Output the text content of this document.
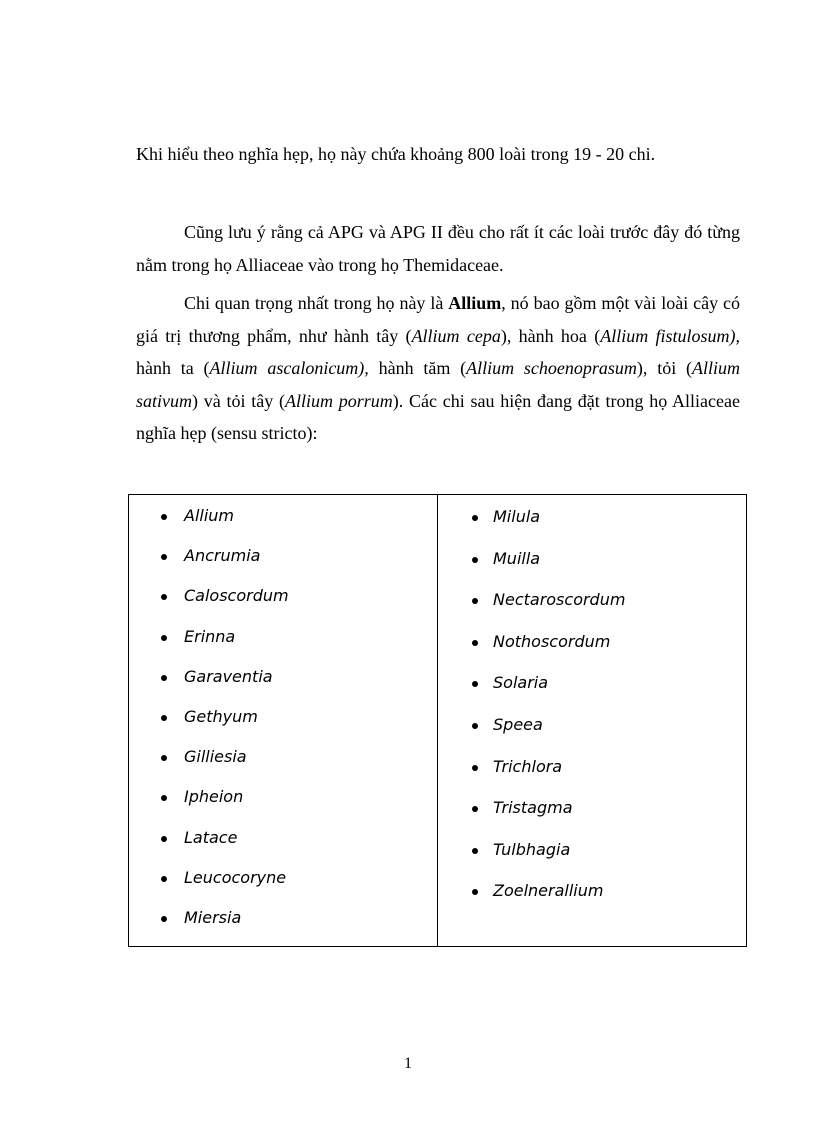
Khi hiểu theo nghĩa hẹp, họ này chứa khoảng 800 loài trong 19 - 20 chi.

Cũng lưu ý rằng cả APG và APG II đều cho rất ít các loài trước đây đó từng nằm trong họ Alliaceae vào trong họ Themidaceae.

Chi quan trọng nhất trong họ này là Allium, nó bao gồm một vài loài cây có giá trị thương phẩm, như hành tây (Allium cepa), hành hoa (Allium fistulosum), hành ta (Allium ascalonicum), hành tăm (Allium schoenoprasum), tỏi (Allium sativum) và tỏi tây (Allium porrum). Các chi sau hiện đang đặt trong họ Alliaceae nghĩa hẹp (sensu stricto):

Allium
Ancrumia
Caloscordum
Erinna
Garaventia
Gethyum
Gilliesia
Ipheion
Latace
Leucocoryne
Miersia

Milula
Muilla
Nectaroscordum
Nothoscordum
Solaria
Speea
Trichlora
Tristagma
Tulbhagia
Zoelnerallium
1
